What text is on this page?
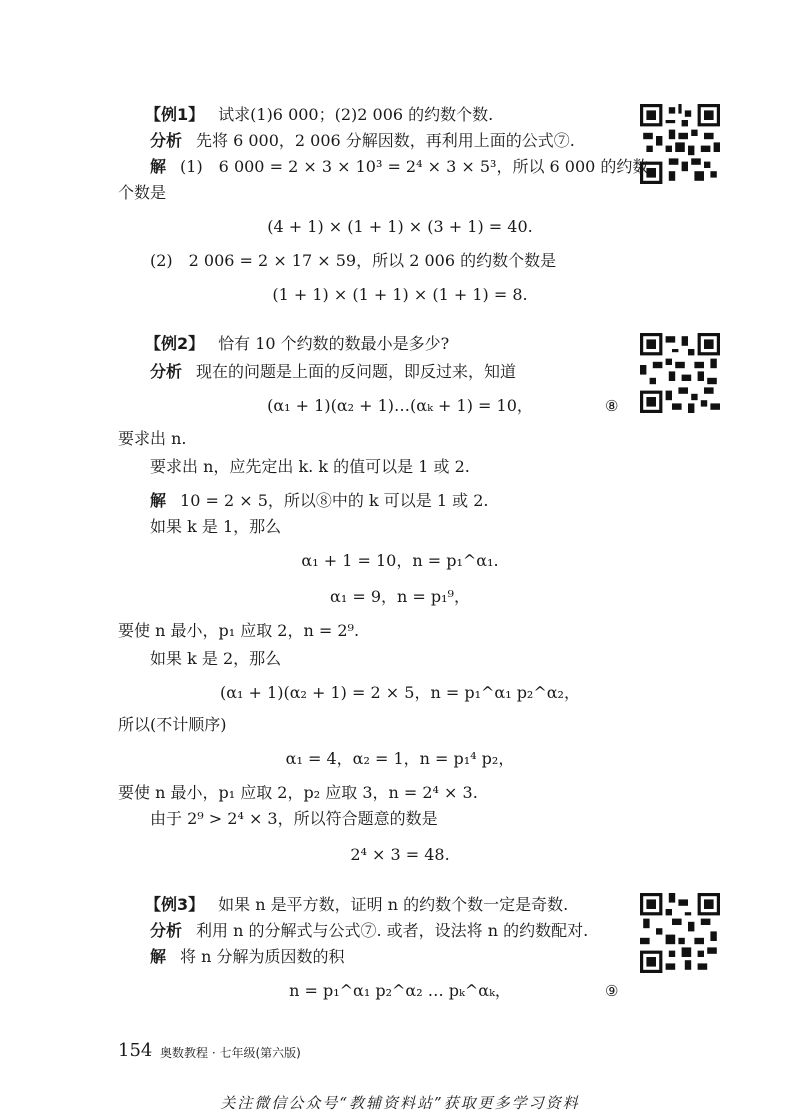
【例1】 试求(1)6 000；(2)2 006 的约数个数.
分析 先将 6 000，2 006 分解因数，再利用上面的公式⑦.
解 (1)　6 000 = 2 × 3 × 10³ = 2⁴ × 3 × 5³，所以 6 000 的约数
个数是
(4 + 1) × (1 + 1) × (3 + 1) = 40.
(2)　2 006 = 2 × 17 × 59，所以 2 006 的约数个数是
(1 + 1) × (1 + 1) × (1 + 1) = 8.
【例2】 恰有 10 个约数的数最小是多少?
分析 现在的问题是上面的反问题，即反过来，知道
(α₁ + 1)(α₂ + 1)…(αₖ + 1) = 10，	⑧
要求出 n.
要求出 n，应先定出 k. k 的值可以是 1 或 2.
解 10 = 2 × 5，所以⑧中的 k 可以是 1 或 2.
如果 k 是 1，那么
α₁ + 1 = 10，n = p₁^α₁.
α₁ = 9，n = p₁⁹，
要使 n 最小，p₁ 应取 2，n = 2⁹.
如果 k 是 2，那么
(α₁ + 1)(α₂ + 1) = 2 × 5，n = p₁^α₁ p₂^α₂，
所以(不计顺序)
α₁ = 4，α₂ = 1，n = p₁⁴ p₂，
要使 n 最小，p₁ 应取 2，p₂ 应取 3，n = 2⁴ × 3.
由于 2⁹ > 2⁴ × 3，所以符合题意的数是
2⁴ × 3 = 48.
【例3】 如果 n 是平方数，证明 n 的约数个数一定是奇数.
分析 利用 n 的分解式与公式⑦. 或者，设法将 n 的约数配对.
解 将 n 分解为质因数的积
n = p₁^α₁ p₂^α₂ … pₖ^αₖ，	⑨
154 奥数教程 · 七年级(第六版)
关注微信公众号“教辅资料站”获取更多学习资料
